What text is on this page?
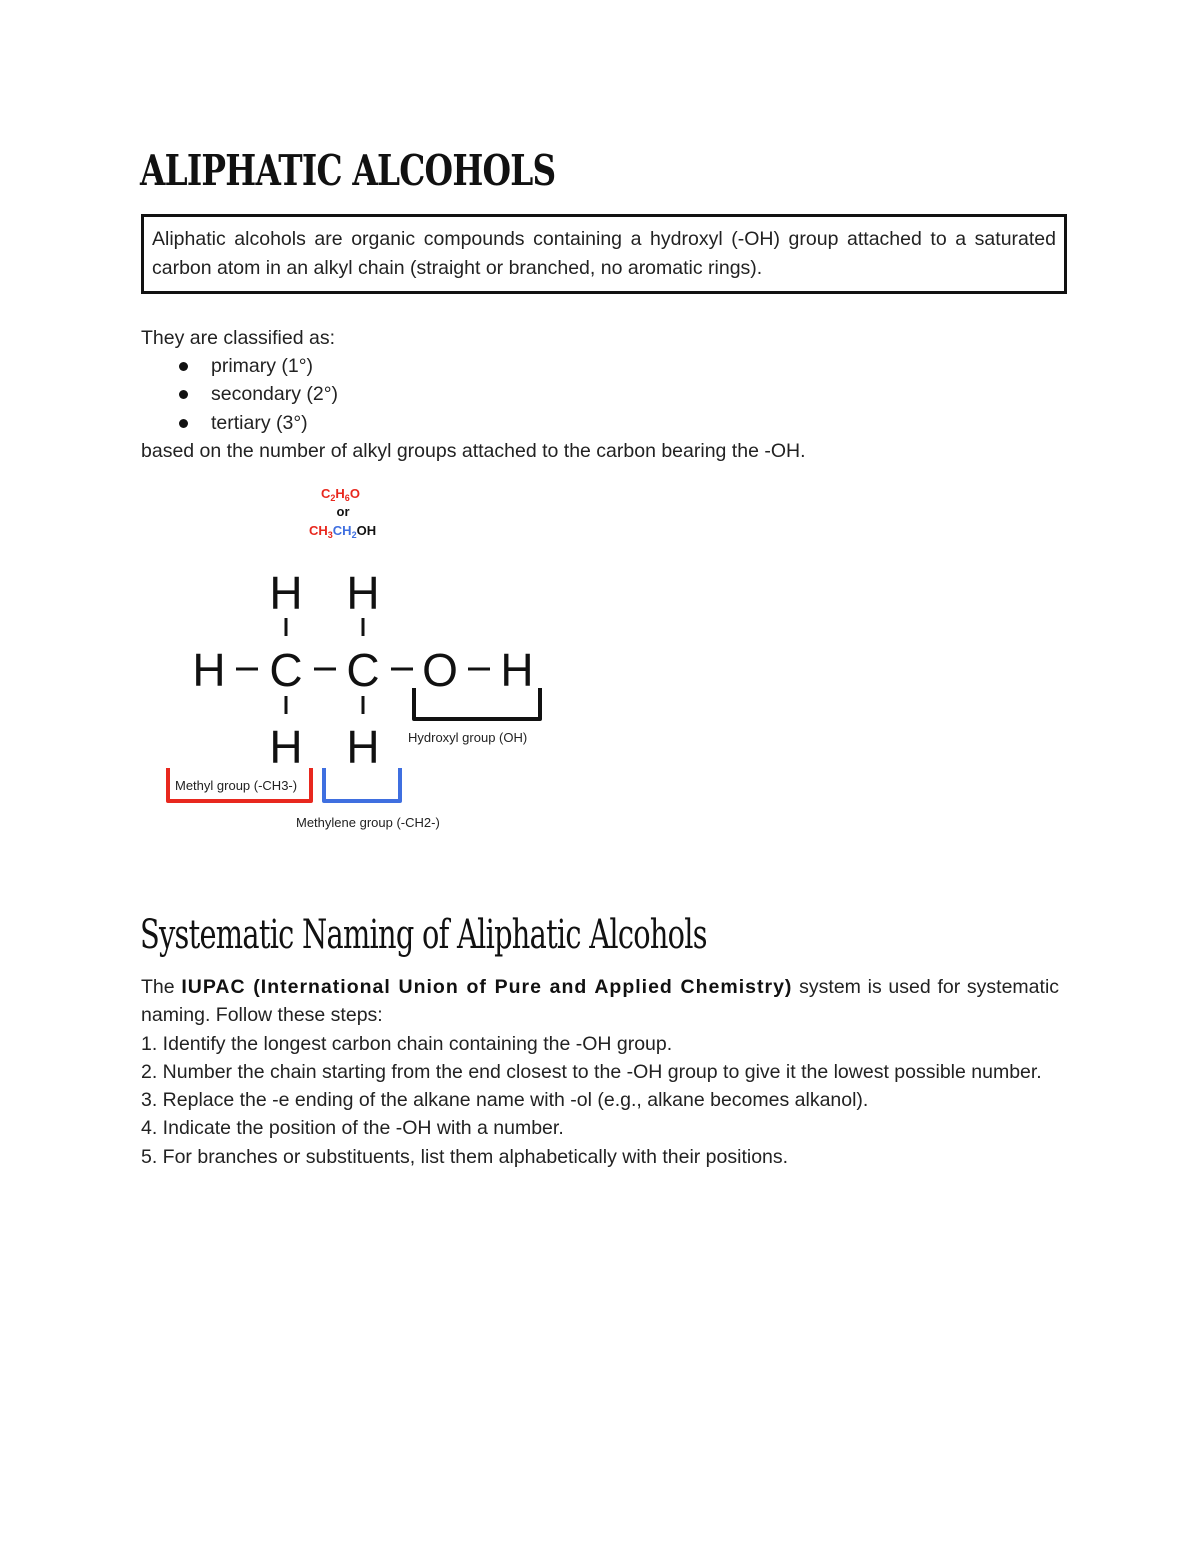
ALIPHATIC ALCOHOLS
Aliphatic alcohols are organic compounds containing a hydroxyl (-OH) group attached to a saturated carbon atom in an alkyl chain (straight or branched, no aromatic rings).
They are classified as:
primary (1°)
secondary (2°)
tertiary (3°)
based on the number of alkyl groups attached to the carbon bearing the -OH.
$C_2H_6O$
or
$CH_3CH_2OH$
H H
H C C O H
H H Hydroxyl group (OH)
Methyl group (-CH3-)
Methylene group (-CH2-)
Systematic Naming of Aliphatic Alcohols
The IUPAC (International Union of Pure and Applied Chemistry) system is used for systematic naming. Follow these steps:

1. Identify the longest carbon chain containing the -OH group.

2. Number the chain starting from the end closest to the -OH group to give it the lowest possible number.

3. Replace the -e ending of the alkane name with -ol (e.g., alkane becomes alkanol).

4. Indicate the position of the -OH with a number.

5. For branches or substituents, list them alphabetically with their positions.
